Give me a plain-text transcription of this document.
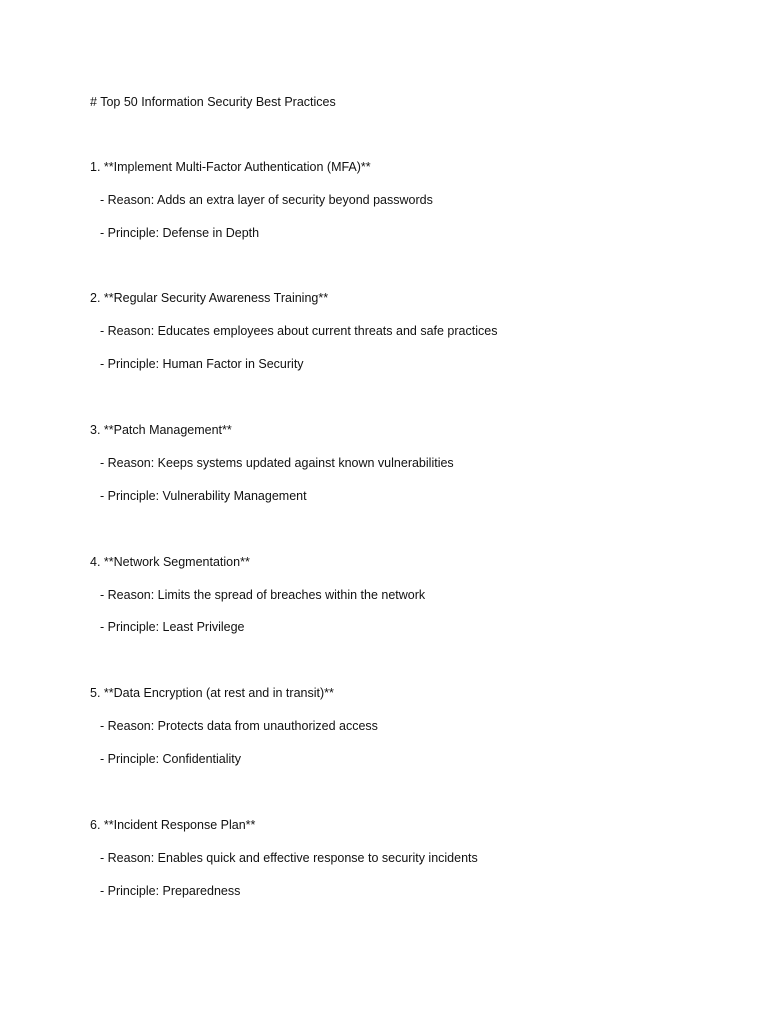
# Top 50 Information Security Best Practices
1. **Implement Multi-Factor Authentication (MFA)**
- Reason: Adds an extra layer of security beyond passwords
- Principle: Defense in Depth
2. **Regular Security Awareness Training**
- Reason: Educates employees about current threats and safe practices
- Principle: Human Factor in Security
3. **Patch Management**
- Reason: Keeps systems updated against known vulnerabilities
- Principle: Vulnerability Management
4. **Network Segmentation**
- Reason: Limits the spread of breaches within the network
- Principle: Least Privilege
5. **Data Encryption (at rest and in transit)**
- Reason: Protects data from unauthorized access
- Principle: Confidentiality
6. **Incident Response Plan**
- Reason: Enables quick and effective response to security incidents
- Principle: Preparedness
